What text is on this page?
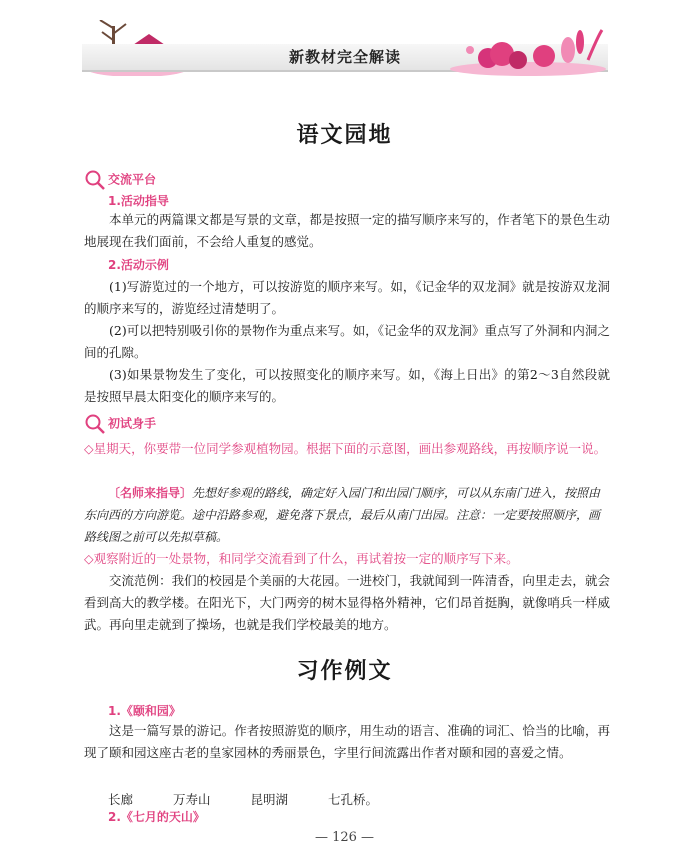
新教材完全解读
语文园地
交流平台
1.活动指导

本单元的两篇课文都是写景的文章，都是按照一定的描写顺序来写的，作者笔下的景色生动地展现在我们面前，不会给人重复的感觉。

2.活动示例

(1)写游览过的一个地方，可以按游览的顺序来写。如，《记金华的双龙洞》就是按游双龙洞的顺序来写的，游览经过清楚明了。

(2)可以把特别吸引你的景物作为重点来写。如，《记金华的双龙洞》重点写了外洞和内洞之间的孔隙。

(3)如果景物发生了变化，可以按照变化的顺序来写。如，《海上日出》的第2～3自然段就是按照早晨太阳变化的顺序来写的。

初试身手
◇星期天，你要带一位同学参观植物园。根据下面的示意图，画出参观路线，再按顺序说一说。
〔名师来指导〕先想好参观的路线，确定好入园门和出园门顺序，可以从东南门进入，按照由东向西的方向游览。途中沿路参观，避免落下景点，最后从南门出园。注意：一定要按照顺序，画路线图之前可以先拟草稿。
◇观察附近的一处景物，和同学交流看到了什么，再试着按一定的顺序写下来。

交流范例：我们的校园是个美丽的大花园。一进校门，我就闻到一阵清香，向里走去，就会看到高大的教学楼。在阳光下，大门两旁的树木显得格外精神，它们昂首挺胸，就像哨兵一样威武。再向里走就到了操场，也就是我们学校最美的地方。

习作例文
1.《颐和园》

这是一篇写景的游记。作者按照游览的顺序，用生动的语言、准确的词汇、恰当的比喻，再现了颐和园这座古老的皇家园林的秀丽景色，字里行间流露出作者对颐和园的喜爱之情。

长廊	万寿山	昆明湖	七孔桥。
2.《七月的天山》
— 126 —
